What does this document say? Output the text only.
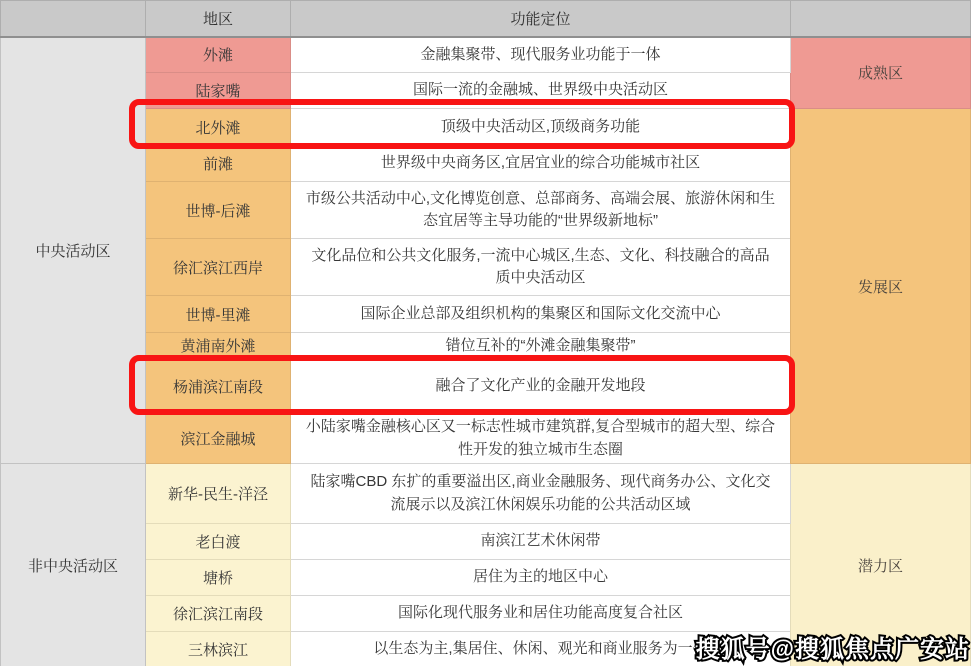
	地区	功能定位	
中央活动区	外滩	金融集聚带、现代服务业功能于一体	成熟区
	陆家嘴	国际一流的金融城、世界级中央活动区	
	北外滩	顶级中央活动区,顶级商务功能	发展区
	前滩	世界级中央商务区,宜居宜业的综合功能城市社区	
	世博-后滩	市级公共活动中心,文化博览创意、总部商务、高端会展、旅游休闲和生态宜居等主导功能的“世界级新地标”	
	徐汇滨江西岸	文化品位和公共文化服务,一流中心城区,生态、文化、科技融合的高品质中央活动区	
	世博-里滩	国际企业总部及组织机构的集聚区和国际文化交流中心	
	黄浦南外滩	错位互补的“外滩金融集聚带”	
	杨浦滨江南段	融合了文化产业的金融开发地段	
	滨江金融城	小陆家嘴金融核心区又一标志性城市建筑群,复合型城市的超大型、综合性开发的独立城市生态圈	
非中央活动区	新华-民生-洋泾	陆家嘴CBD 东扩的重要溢出区,商业金融服务、现代商务办公、文化交流展示以及滨江休闲娱乐功能的公共活动区域	潜力区
	老白渡	南滨江艺术休闲带	
	塘桥	居住为主的地区中心	
	徐汇滨江南段	国际化现代服务业和居住功能高度复合社区	
	三林滨江	以生态为主,集居住、休闲、观光和商业服务为一体	
搜狐号@搜狐焦点广安站
